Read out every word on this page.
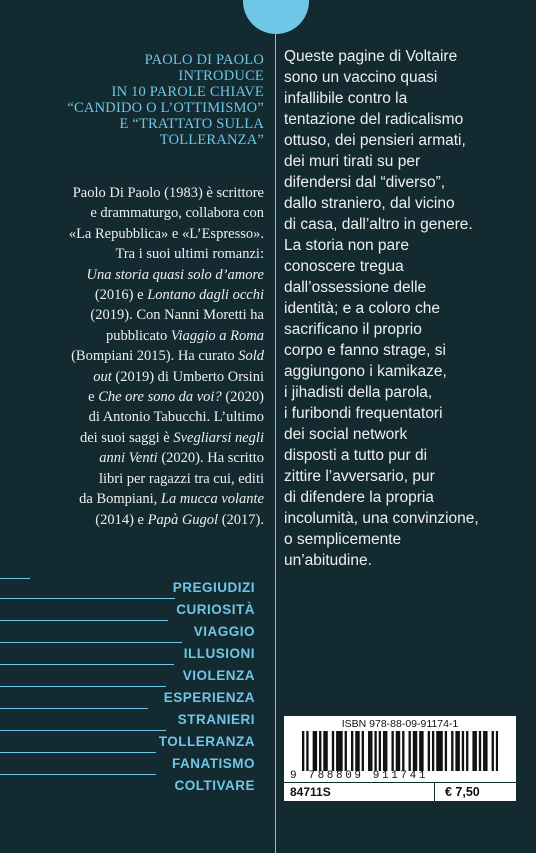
PAOLO DI PAOLO
INTRODUCE
IN 10 PAROLE CHIAVE
“CANDIDO O L’OTTIMISMO”
E “TRATTATO SULLA
TOLLERANZA”
Paolo Di Paolo (1983) è scrittore
e drammaturgo, collabora con
«La Repubblica» e «L’Espresso».
Tra i suoi ultimi romanzi:
Una storia quasi solo d’amore
(2016) e Lontano dagli occhi
(2019). Con Nanni Moretti ha
pubblicato Viaggio a Roma
(Bompiani 2015). Ha curato Sold
out (2019) di Umberto Orsini
e Che ore sono da voi? (2020)
di Antonio Tabucchi. L’ultimo
dei suoi saggi è Svegliarsi negli
anni Venti (2020). Ha scritto
libri per ragazzi tra cui, editi
da Bompiani, La mucca volante
(2014) e Papà Gugol (2017).
PREGIUDIZI
CURIOSITÀ
VIAGGIO
ILLUSIONI
VIOLENZA
ESPERIENZA
STRANIERI
TOLLERANZA
FANATISMO
COLTIVARE
Queste pagine di Voltaire
sono un vaccino quasi
infallibile contro la
tentazione del radicalismo
ottuso, dei pensieri armati,
dei muri tirati su per
difendersi dal “diverso”,
dallo straniero, dal vicino
di casa, dall’altro in genere.
La storia non pare
conoscere tregua
dall’ossessione delle
identità; e a coloro che
sacrificano il proprio
corpo e fanno strage, si
aggiungono i kamikaze,
i jihadisti della parola,
i furibondi frequentatori
dei social network
disposti a tutto pur di
zittire l’avversario, pur
di difendere la propria
incolumità, una convinzione,
o semplicemente
un’abitudine.
ISBN 978-88-09-91174-1
9 788809 911741
84711S	€ 7,50
